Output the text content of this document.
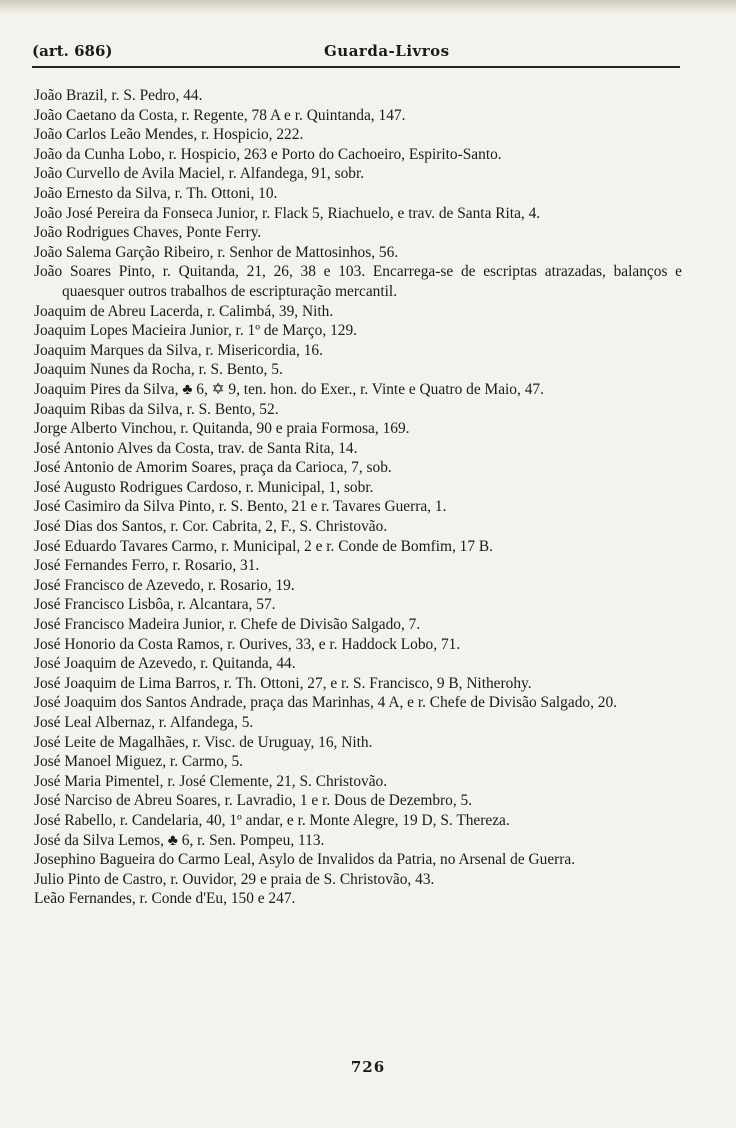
(art. 686)	Guarda-Livros

João Brazil, r. S. Pedro, 44.

João Caetano da Costa, r. Regente, 78 A e r. Quintanda, 147.

João Carlos Leão Mendes, r. Hospicio, 222.

João da Cunha Lobo, r. Hospicio, 263 e Porto do Cachoeiro, Espirito-Santo.

João Curvello de Avila Maciel, r. Alfandega, 91, sobr.

João Ernesto da Silva, r. Th. Ottoni, 10.

João José Pereira da Fonseca Junior, r. Flack 5, Riachuelo, e trav. de Santa Rita, 4.

João Rodrigues Chaves, Ponte Ferry.

João Salema Garção Ribeiro, r. Senhor de Mattosinhos, 56.

João Soares Pinto, r. Quitanda, 21, 26, 38 e 103. Encarrega-se de escriptas atrazadas, balanços e quaesquer outros trabalhos de escripturação mercantil.

Joaquim de Abreu Lacerda, r. Calimbá, 39, Nith.

Joaquim Lopes Macieira Junior, r. 1º de Março, 129.

Joaquim Marques da Silva, r. Misericordia, 16.

Joaquim Nunes da Rocha, r. S. Bento, 5.

Joaquim Pires da Silva, ♣ 6, ✡ 9, ten. hon. do Exer., r. Vinte e Quatro de Maio, 47.

Joaquim Ribas da Silva, r. S. Bento, 52.

Jorge Alberto Vinchou, r. Quitanda, 90 e praia Formosa, 169.

José Antonio Alves da Costa, trav. de Santa Rita, 14.

José Antonio de Amorim Soares, praça da Carioca, 7, sob.

José Augusto Rodrigues Cardoso, r. Municipal, 1, sobr.

José Casimiro da Silva Pinto, r. S. Bento, 21 e r. Tavares Guerra, 1.

José Dias dos Santos, r. Cor. Cabrita, 2, F., S. Christovão.

José Eduardo Tavares Carmo, r. Municipal, 2 e r. Conde de Bomfim, 17 B.

José Fernandes Ferro, r. Rosario, 31.

José Francisco de Azevedo, r. Rosario, 19.

José Francisco Lisbôa, r. Alcantara, 57.

José Francisco Madeira Junior, r. Chefe de Divisão Salgado, 7.

José Honorio da Costa Ramos, r. Ourives, 33, e r. Haddock Lobo, 71.

José Joaquim de Azevedo, r. Quitanda, 44.

José Joaquim de Lima Barros, r. Th. Ottoni, 27, e r. S. Francisco, 9 B, Nitherohy.

José Joaquim dos Santos Andrade, praça das Marinhas, 4 A, e r. Chefe de Divisão Salgado, 20.

José Leal Albernaz, r. Alfandega, 5.

José Leite de Magalhães, r. Visc. de Uruguay, 16, Nith.

José Manoel Miguez, r. Carmo, 5.

José Maria Pimentel, r. José Clemente, 21, S. Christovão.

José Narciso de Abreu Soares, r. Lavradio, 1 e r. Dous de Dezembro, 5.

José Rabello, r. Candelaria, 40, 1º andar, e r. Monte Alegre, 19 D, S. Thereza.

José da Silva Lemos, ♣ 6, r. Sen. Pompeu, 113.

Josephino Bagueira do Carmo Leal, Asylo de Invalidos da Patria, no Arsenal de Guerra.

Julio Pinto de Castro, r. Ouvidor, 29 e praia de S. Christovão, 43.

Leão Fernandes, r. Conde d'Eu, 150 e 247.

726
